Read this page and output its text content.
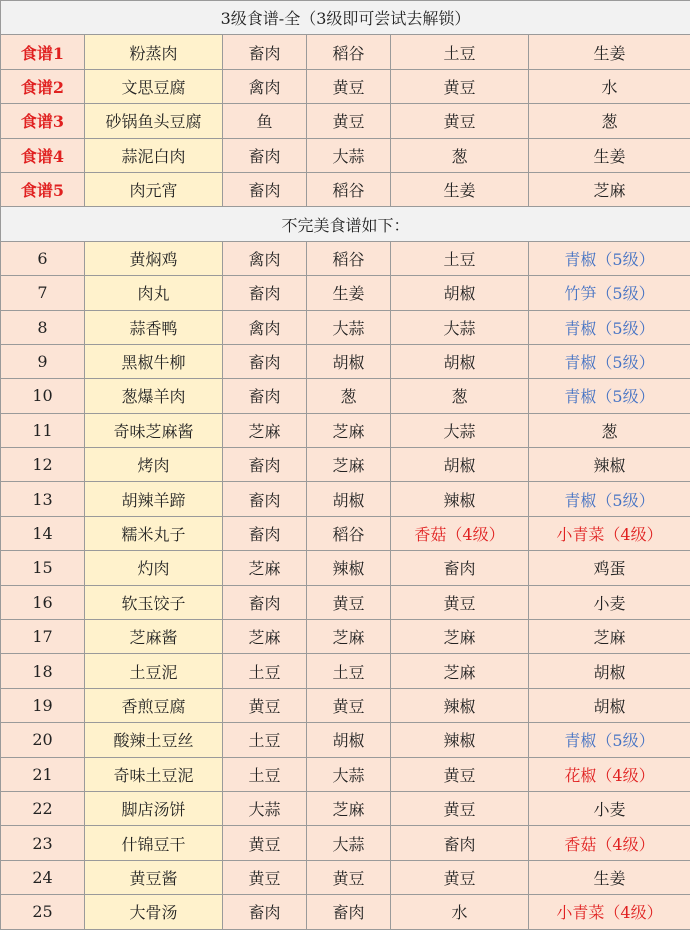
3级食谱-全（3级即可尝试去解锁）					
食谱1	粉蒸肉	畜肉	稻谷	土豆	生姜
食谱2	文思豆腐	禽肉	黄豆	黄豆	水
食谱3	砂锅鱼头豆腐	鱼	黄豆	黄豆	葱
食谱4	蒜泥白肉	畜肉	大蒜	葱	生姜
食谱5	肉元宵	畜肉	稻谷	生姜	芝麻
不完美食谱如下：					
6	黄焖鸡	禽肉	稻谷	土豆	青椒（5级）
7	肉丸	畜肉	生姜	胡椒	竹笋（5级）
8	蒜香鸭	禽肉	大蒜	大蒜	青椒（5级）
9	黑椒牛柳	畜肉	胡椒	胡椒	青椒（5级）
10	葱爆羊肉	畜肉	葱	葱	青椒（5级）
11	奇味芝麻酱	芝麻	芝麻	大蒜	葱
12	烤肉	畜肉	芝麻	胡椒	辣椒
13	胡辣羊蹄	畜肉	胡椒	辣椒	青椒（5级）
14	糯米丸子	畜肉	稻谷	香菇（4级）	小青菜（4级）
15	灼肉	芝麻	辣椒	畜肉	鸡蛋
16	软玉饺子	畜肉	黄豆	黄豆	小麦
17	芝麻酱	芝麻	芝麻	芝麻	芝麻
18	土豆泥	土豆	土豆	芝麻	胡椒
19	香煎豆腐	黄豆	黄豆	辣椒	胡椒
20	酸辣土豆丝	土豆	胡椒	辣椒	青椒（5级）
21	奇味土豆泥	土豆	大蒜	黄豆	花椒（4级）
22	脚店汤饼	大蒜	芝麻	黄豆	小麦
23	什锦豆干	黄豆	大蒜	畜肉	香菇（4级）
24	黄豆酱	黄豆	黄豆	黄豆	生姜
25	大骨汤	畜肉	畜肉	水	小青菜（4级）
